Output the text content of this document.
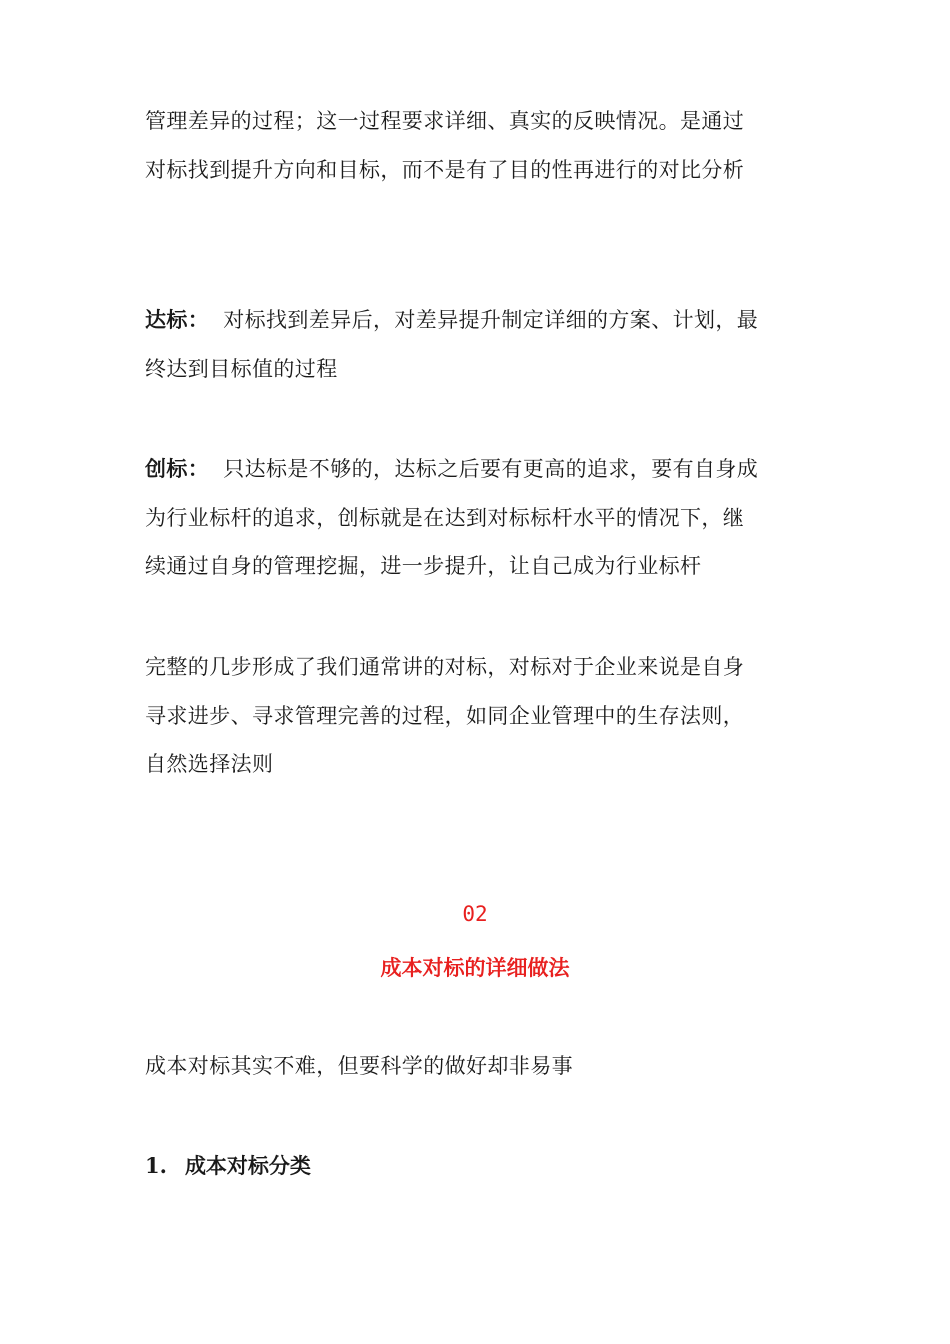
管理差异的过程；这一过程要求详细、真实的反映情况。是通过对标找到提升方向和目标，而不是有了目的性再进行的对比分析

达标： 对标找到差异后，对差异提升制定详细的方案、计划，最终达到目标值的过程

创标： 只达标是不够的，达标之后要有更高的追求，要有自身成为行业标杆的追求，创标就是在达到对标标杆水平的情况下，继续通过自身的管理挖掘，进一步提升，让自己成为行业标杆

完整的几步形成了我们通常讲的对标，对标对于企业来说是自身寻求进步、寻求管理完善的过程，如同企业管理中的生存法则，自然选择法则

02

成本对标的详细做法

成本对标其实不难，但要科学的做好却非易事

1. 成本对标分类
